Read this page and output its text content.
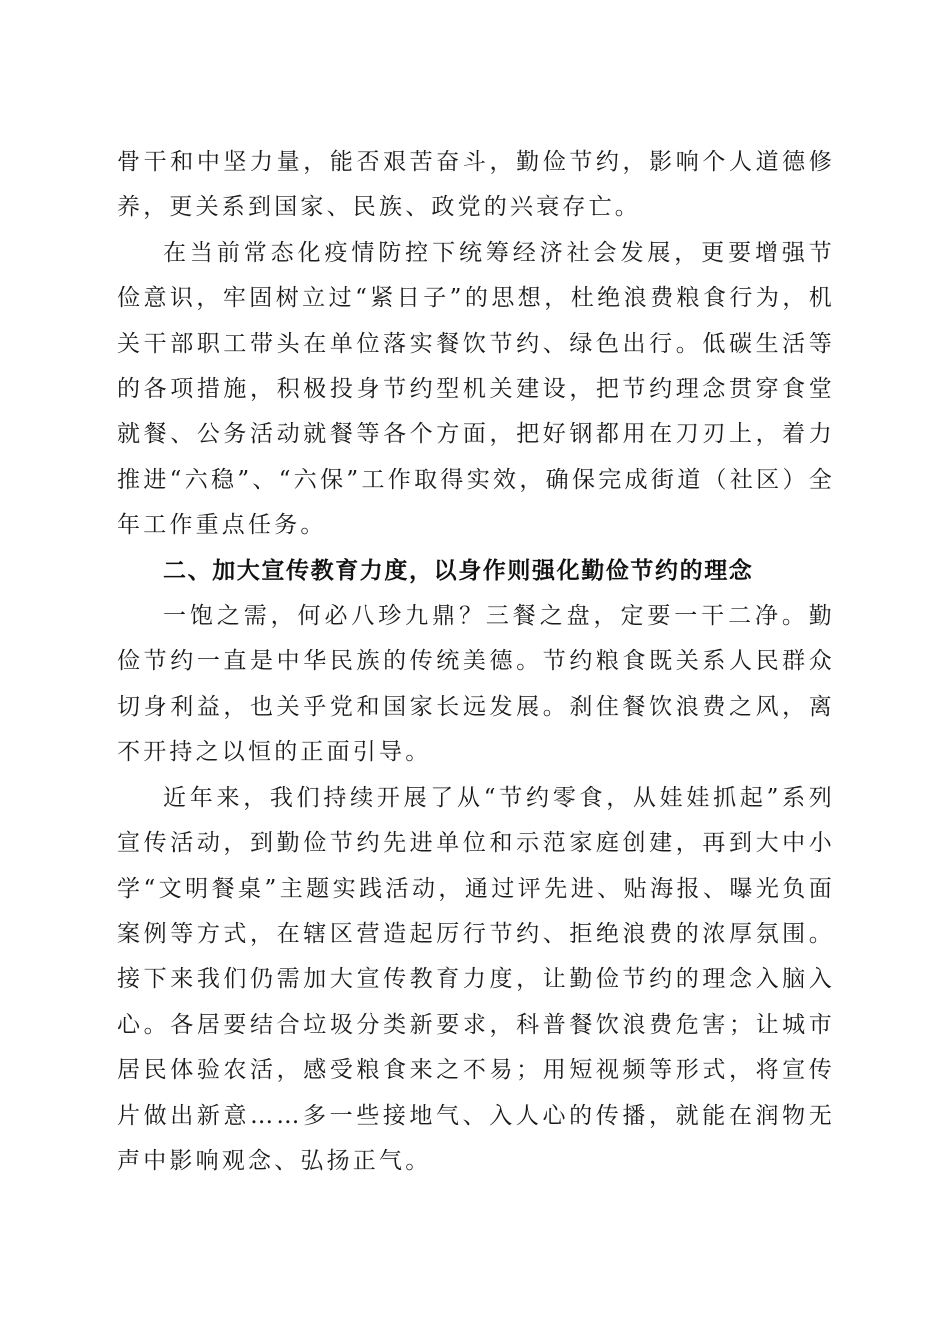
骨干和中坚力量，能否艰苦奋斗，勤俭节约，影响个人道德修养，更关系到国家、民族、政党的兴衰存亡。

在当前常态化疫情防控下统筹经济社会发展，更要增强节俭意识，牢固树立过“紧日子”的思想，杜绝浪费粮食行为，机关干部职工带头在单位落实餐饮节约、绿色出行。低碳生活等的各项措施，积极投身节约型机关建设，把节约理念贯穿食堂就餐、公务活动就餐等各个方面，把好钢都用在刀刃上，着力推进“六稳”、“六保”工作取得实效，确保完成街道（社区）全年工作重点任务。

二、加大宣传教育力度，以身作则强化勤俭节约的理念

一饱之需，何必八珍九鼎？三餐之盘，定要一干二净。勤俭节约一直是中华民族的传统美德。节约粮食既关系人民群众切身利益，也关乎党和国家长远发展。刹住餐饮浪费之风，离不开持之以恒的正面引导。

近年来，我们持续开展了从“节约零食，从娃娃抓起”系列宣传活动，到勤俭节约先进单位和示范家庭创建，再到大中小学“文明餐桌”主题实践活动，通过评先进、贴海报、曝光负面案例等方式，在辖区营造起厉行节约、拒绝浪费的浓厚氛围。接下来我们仍需加大宣传教育力度，让勤俭节约的理念入脑入心。各居要结合垃圾分类新要求，科普餐饮浪费危害；让城市居民体验农活，感受粮食来之不易；用短视频等形式，将宣传片做出新意……多一些接地气、入人心的传播，就能在润物无声中影响观念、弘扬正气。
